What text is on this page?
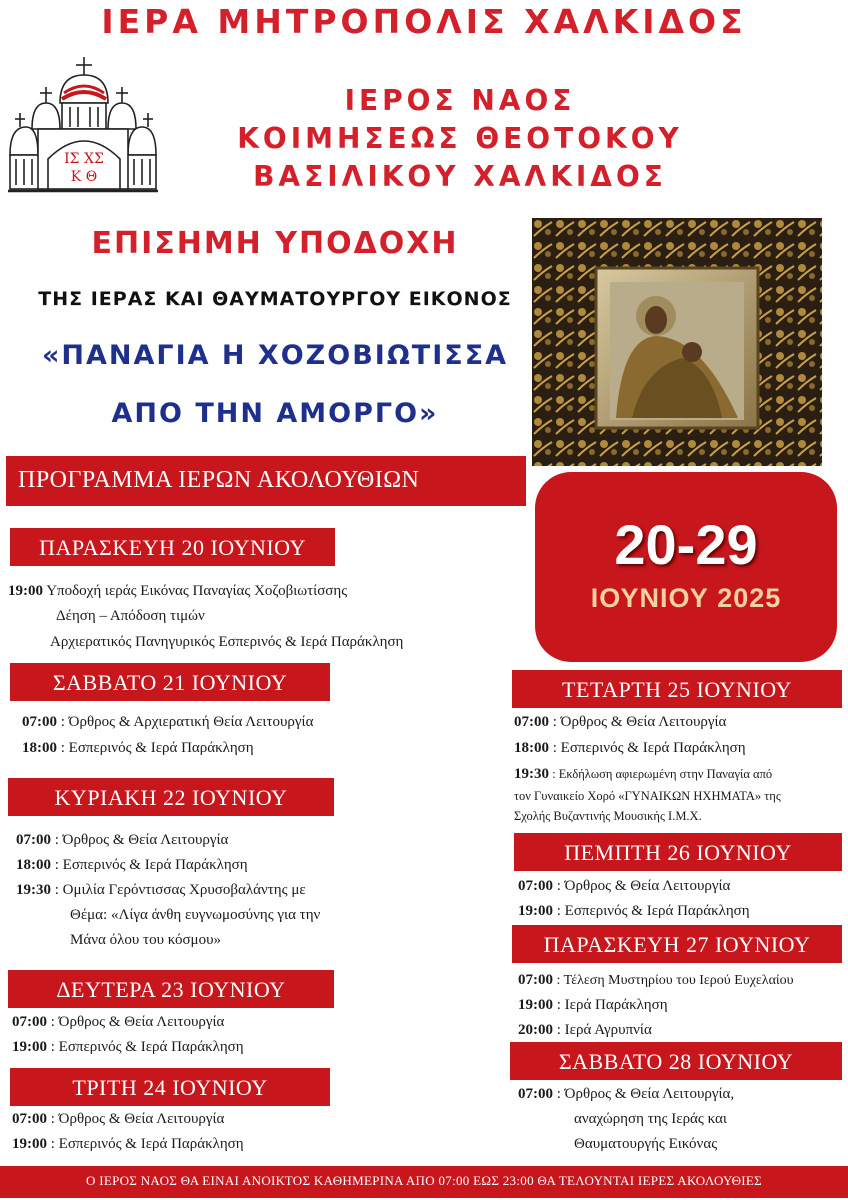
ΙΕΡΑ ΜΗΤΡΟΠΟΛΙΣ ΧΑΛΚΙΔΟΣ
ΙΣ ΧΣ
Κ Θ
ΙΕΡΟΣ ΝΑΟΣ
ΚΟΙΜΗΣΕΩΣ ΘΕΟΤΟΚΟΥ
ΒΑΣΙΛΙΚΟΥ ΧΑΛΚΙΔΟΣ
ΕΠΙΣΗΜΗ ΥΠΟΔΟΧΗ
ΤΗΣ ΙΕΡΑΣ ΚΑΙ ΘΑΥΜΑΤΟΥΡΓΟΥ ΕΙΚΟΝΟΣ
«ΠΑΝΑΓΙΑ Η ΧΟΖΟΒΙΩΤΙΣΣΑ
ΑΠΟ ΤΗΝ ΑΜΟΡΓΟ»
ΠΡΟΓΡΑΜΜΑ ΙΕΡΩΝ ΑΚΟΛΟΥΘΙΩΝ
20-29
ΙΟΥΝΙΟΥ 2025
ΠΑΡΑΣΚΕΥΗ 20 ΙΟΥΝΙΟΥ
19:00 Υποδοχή ιεράς Εικόνας Παναγίας Χοζοβιωτίσσης
Δέηση – Απόδοση τιμών
Αρχιερατικός Πανηγυρικός Εσπερινός & Ιερά Παράκληση
ΣΑΒΒΑΤΟ 21 ΙΟΥΝΙΟΥ
07:00 : Όρθρος & Αρχιερατική Θεία Λειτουργία
18:00 : Εσπερινός & Ιερά Παράκληση
ΚΥΡΙΑΚΗ 22 ΙΟΥΝΙΟΥ
07:00 : Όρθρος & Θεία Λειτουργία
18:00 : Εσπερινός & Ιερά Παράκληση
19:30 : Ομιλία Γερόντισσας Χρυσοβαλάντης με
Θέμα: «Λίγα άνθη ευγνωμοσύνης για την
Μάνα όλου του κόσμου»
ΔΕΥΤΕΡΑ 23 ΙΟΥΝΙΟΥ
07:00 : Όρθρος & Θεία Λειτουργία
19:00 : Εσπερινός & Ιερά Παράκληση
ΤΡΙΤΗ 24 ΙΟΥΝΙΟΥ
07:00 : Όρθρος & Θεία Λειτουργία
19:00 : Εσπερινός & Ιερά Παράκληση
ΤΕΤΑΡΤΗ 25 ΙΟΥΝΙΟΥ
07:00 : Όρθρος & Θεία Λειτουργία
18:00 : Εσπερινός & Ιερά Παράκληση
19:30 : Εκδήλωση αφιερωμένη στην Παναγία από
τον Γυναικείο Χορό «ΓΥΝΑΙΚΩΝ ΗΧΗΜΑΤΑ» της
Σχολής Βυζαντινής Μουσικής Ι.Μ.Χ.
ΠΕΜΠΤΗ 26 ΙΟΥΝΙΟΥ
07:00 : Όρθρος & Θεία Λειτουργία
19:00 : Εσπερινός & Ιερά Παράκληση
ΠΑΡΑΣΚΕΥΗ 27 ΙΟΥΝΙΟΥ
07:00 : Τέλεση Μυστηρίου του Ιερού Ευχελαίου
19:00 : Ιερά Παράκληση
20:00 : Ιερά Αγρυπνία
ΣΑΒΒΑΤΟ 28 ΙΟΥΝΙΟΥ
07:00 : Όρθρος & Θεία Λειτουργία,
αναχώρηση της Ιεράς και
Θαυματουργής Εικόνας
Ο ΙΕΡΟΣ ΝΑΟΣ ΘΑ ΕΙΝΑΙ ΑΝΟΙΚΤΟΣ ΚΑΘΗΜΕΡΙΝΑ ΑΠΟ 07:00 ΕΩΣ 23:00 ΘΑ ΤΕΛΟΥΝΤΑΙ ΙΕΡΕΣ ΑΚΟΛΟΥΘΙΕΣ
